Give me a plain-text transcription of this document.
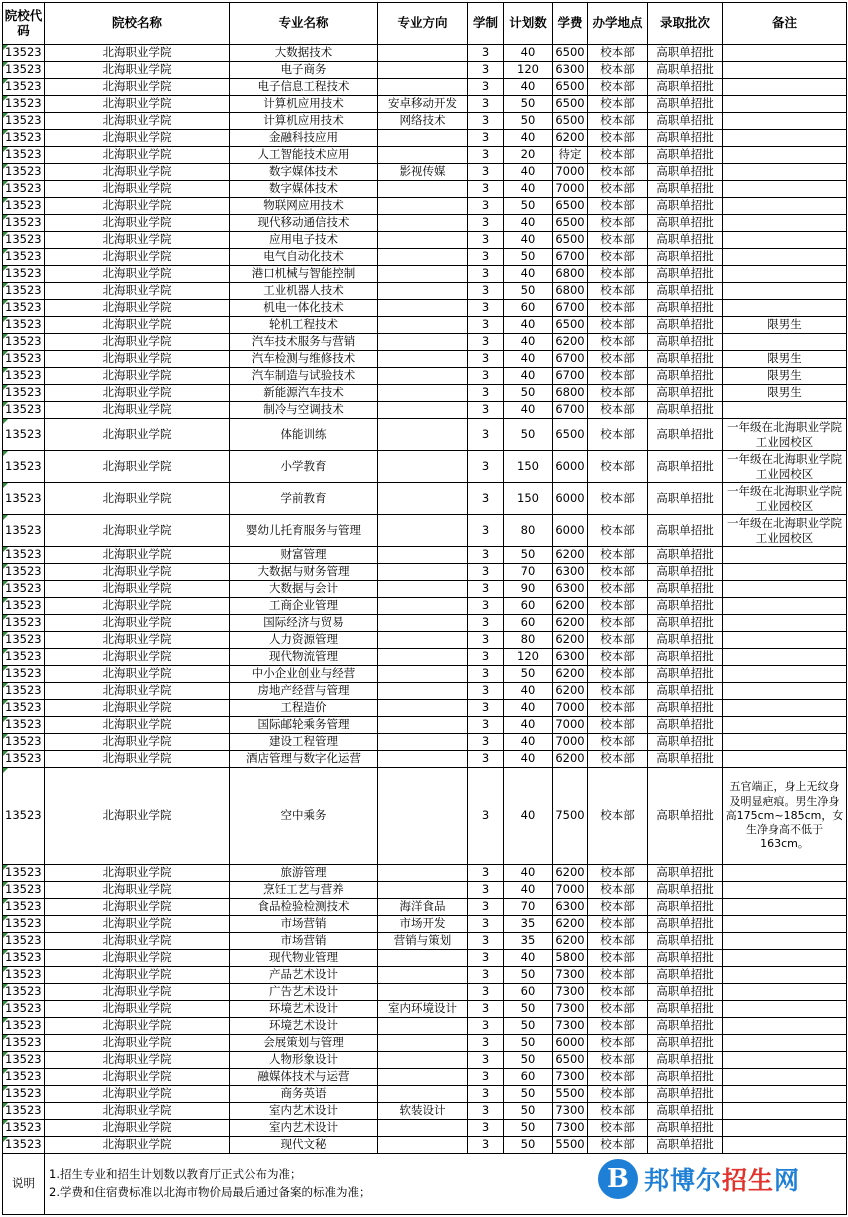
院校代码	院校名称	专业名称	专业方向	学制	计划数	学费	办学地点	录取批次	备注
13523	北海职业学院	大数据技术		3	40	6500	校本部	高职单招批	
13523	北海职业学院	电子商务		3	120	6300	校本部	高职单招批	
13523	北海职业学院	电子信息工程技术		3	40	6500	校本部	高职单招批	
13523	北海职业学院	计算机应用技术	安卓移动开发	3	50	6500	校本部	高职单招批	
13523	北海职业学院	计算机应用技术	网络技术	3	50	6500	校本部	高职单招批	
13523	北海职业学院	金融科技应用		3	40	6200	校本部	高职单招批	
13523	北海职业学院	人工智能技术应用		3	20	待定	校本部	高职单招批	
13523	北海职业学院	数字媒体技术	影视传媒	3	40	7000	校本部	高职单招批	
13523	北海职业学院	数字媒体技术		3	40	7000	校本部	高职单招批	
13523	北海职业学院	物联网应用技术		3	50	6500	校本部	高职单招批	
13523	北海职业学院	现代移动通信技术		3	40	6500	校本部	高职单招批	
13523	北海职业学院	应用电子技术		3	40	6500	校本部	高职单招批	
13523	北海职业学院	电气自动化技术		3	50	6700	校本部	高职单招批	
13523	北海职业学院	港口机械与智能控制		3	40	6800	校本部	高职单招批	
13523	北海职业学院	工业机器人技术		3	50	6800	校本部	高职单招批	
13523	北海职业学院	机电一体化技术		3	60	6700	校本部	高职单招批	
13523	北海职业学院	轮机工程技术		3	40	6500	校本部	高职单招批	限男生
13523	北海职业学院	汽车技术服务与营销		3	40	6200	校本部	高职单招批	
13523	北海职业学院	汽车检测与维修技术		3	40	6700	校本部	高职单招批	限男生
13523	北海职业学院	汽车制造与试验技术		3	40	6700	校本部	高职单招批	限男生
13523	北海职业学院	新能源汽车技术		3	50	6800	校本部	高职单招批	限男生
13523	北海职业学院	制冷与空调技术		3	40	6700	校本部	高职单招批	
13523	北海职业学院	体能训练		3	50	6500	校本部	高职单招批	一年级在北海职业学院工业园校区
13523	北海职业学院	小学教育		3	150	6000	校本部	高职单招批	一年级在北海职业学院工业园校区
13523	北海职业学院	学前教育		3	150	6000	校本部	高职单招批	一年级在北海职业学院工业园校区
13523	北海职业学院	婴幼儿托育服务与管理		3	80	6000	校本部	高职单招批	一年级在北海职业学院工业园校区
13523	北海职业学院	财富管理		3	50	6200	校本部	高职单招批	
13523	北海职业学院	大数据与财务管理		3	70	6300	校本部	高职单招批	
13523	北海职业学院	大数据与会计		3	90	6300	校本部	高职单招批	
13523	北海职业学院	工商企业管理		3	60	6200	校本部	高职单招批	
13523	北海职业学院	国际经济与贸易		3	60	6200	校本部	高职单招批	
13523	北海职业学院	人力资源管理		3	80	6200	校本部	高职单招批	
13523	北海职业学院	现代物流管理		3	120	6300	校本部	高职单招批	
13523	北海职业学院	中小企业创业与经营		3	50	6200	校本部	高职单招批	
13523	北海职业学院	房地产经营与管理		3	40	6200	校本部	高职单招批	
13523	北海职业学院	工程造价		3	40	7000	校本部	高职单招批	
13523	北海职业学院	国际邮轮乘务管理		3	40	7000	校本部	高职单招批	
13523	北海职业学院	建设工程管理		3	40	7000	校本部	高职单招批	
13523	北海职业学院	酒店管理与数字化运营		3	40	6200	校本部	高职单招批	
13523	北海职业学院	空中乘务		3	40	7500	校本部	高职单招批	五官端正，身上无纹身及明显疤痕。男生净身高175cm~185cm，女生净身高不低于163cm。
13523	北海职业学院	旅游管理		3	40	6200	校本部	高职单招批	
13523	北海职业学院	烹饪工艺与营养		3	40	7000	校本部	高职单招批	
13523	北海职业学院	食品检验检测技术	海洋食品	3	70	6300	校本部	高职单招批	
13523	北海职业学院	市场营销	市场开发	3	35	6200	校本部	高职单招批	
13523	北海职业学院	市场营销	营销与策划	3	35	6200	校本部	高职单招批	
13523	北海职业学院	现代物业管理		3	40	5800	校本部	高职单招批	
13523	北海职业学院	产品艺术设计		3	50	7300	校本部	高职单招批	
13523	北海职业学院	广告艺术设计		3	60	7300	校本部	高职单招批	
13523	北海职业学院	环境艺术设计	室内环境设计	3	50	7300	校本部	高职单招批	
13523	北海职业学院	环境艺术设计		3	50	7300	校本部	高职单招批	
13523	北海职业学院	会展策划与管理		3	50	6000	校本部	高职单招批	
13523	北海职业学院	人物形象设计		3	50	6500	校本部	高职单招批	
13523	北海职业学院	融媒体技术与运营		3	60	7300	校本部	高职单招批	
13523	北海职业学院	商务英语		3	50	5500	校本部	高职单招批	
13523	北海职业学院	室内艺术设计	软装设计	3	50	7300	校本部	高职单招批	
13523	北海职业学院	室内艺术设计		3	50	7300	校本部	高职单招批	
13523	北海职业学院	现代文秘		3	50	5500	校本部	高职单招批	
说明	1.招生专业和招生计划数以教育厅正式公布为准；
2.学费和住宿费标准以北海市物价局最后通过备案的标准为准；									B 邦博尔招生网
